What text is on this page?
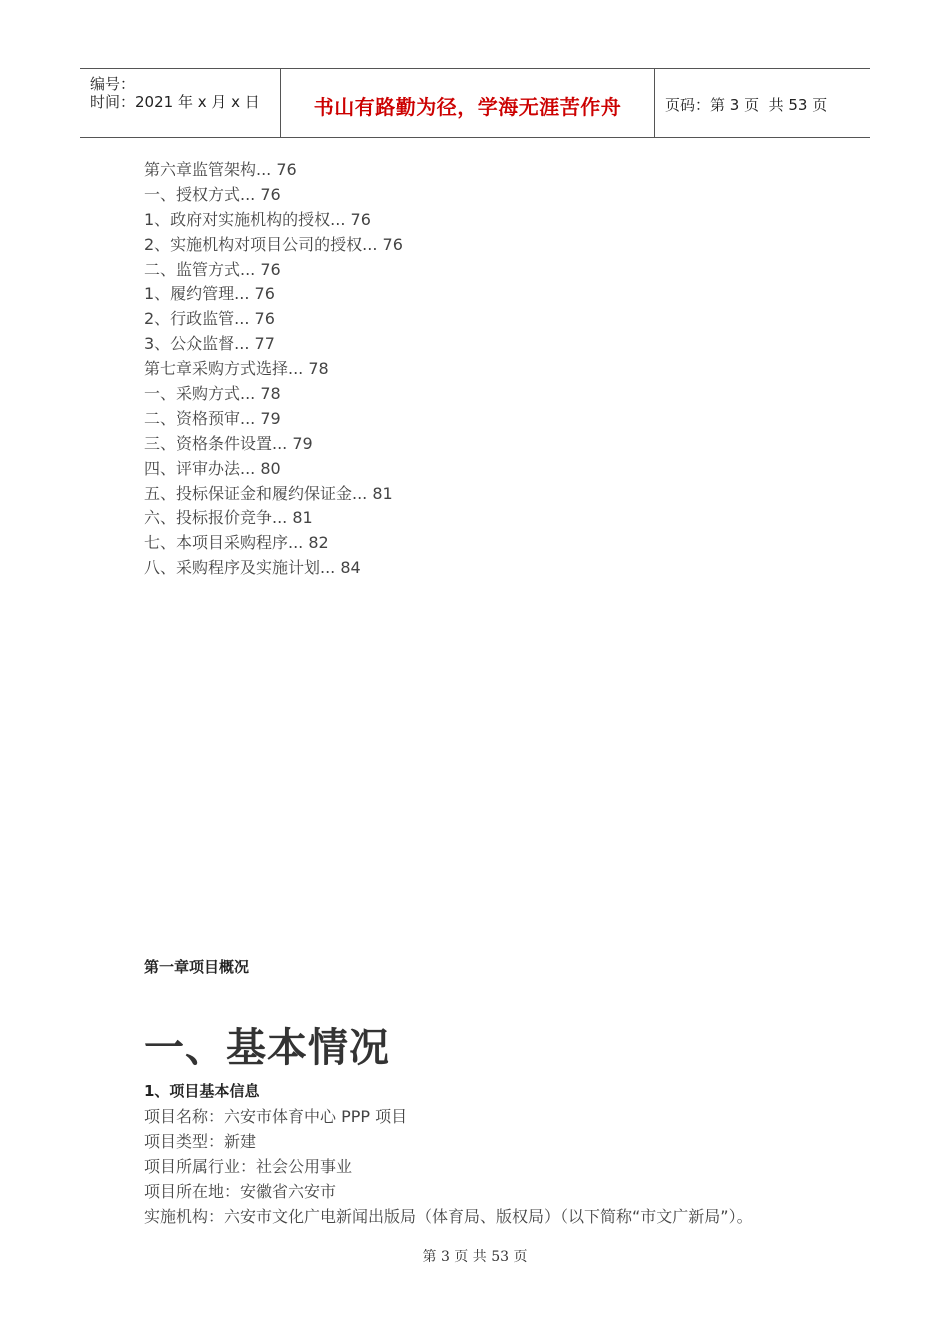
编号：
时间：2021 年 x 月 x 日	书山有路勤为径，学海无涯苦作舟	页码：第 3 页  共 53 页
第六章监管架构... 76
一、授权方式... 76
1、政府对实施机构的授权... 76
2、实施机构对项目公司的授权... 76
二、监管方式... 76
1、履约管理... 76
2、行政监管... 76
3、公众监督... 77
第七章采购方式选择... 78
一、采购方式... 78
二、资格预审... 79
三、资格条件设置... 79
四、评审办法... 80
五、投标保证金和履约保证金... 81
六、投标报价竞争... 81
七、本项目采购程序... 82
八、采购程序及实施计划... 84
第一章项目概况
一、基本情况
1、项目基本信息
项目名称：六安市体育中心 PPP 项目
项目类型：新建
项目所属行业：社会公用事业
项目所在地：安徽省六安市
实施机构：六安市文化广电新闻出版局（体育局、版权局）（以下简称“市文广新局”）。
第 3 页 共 53 页
